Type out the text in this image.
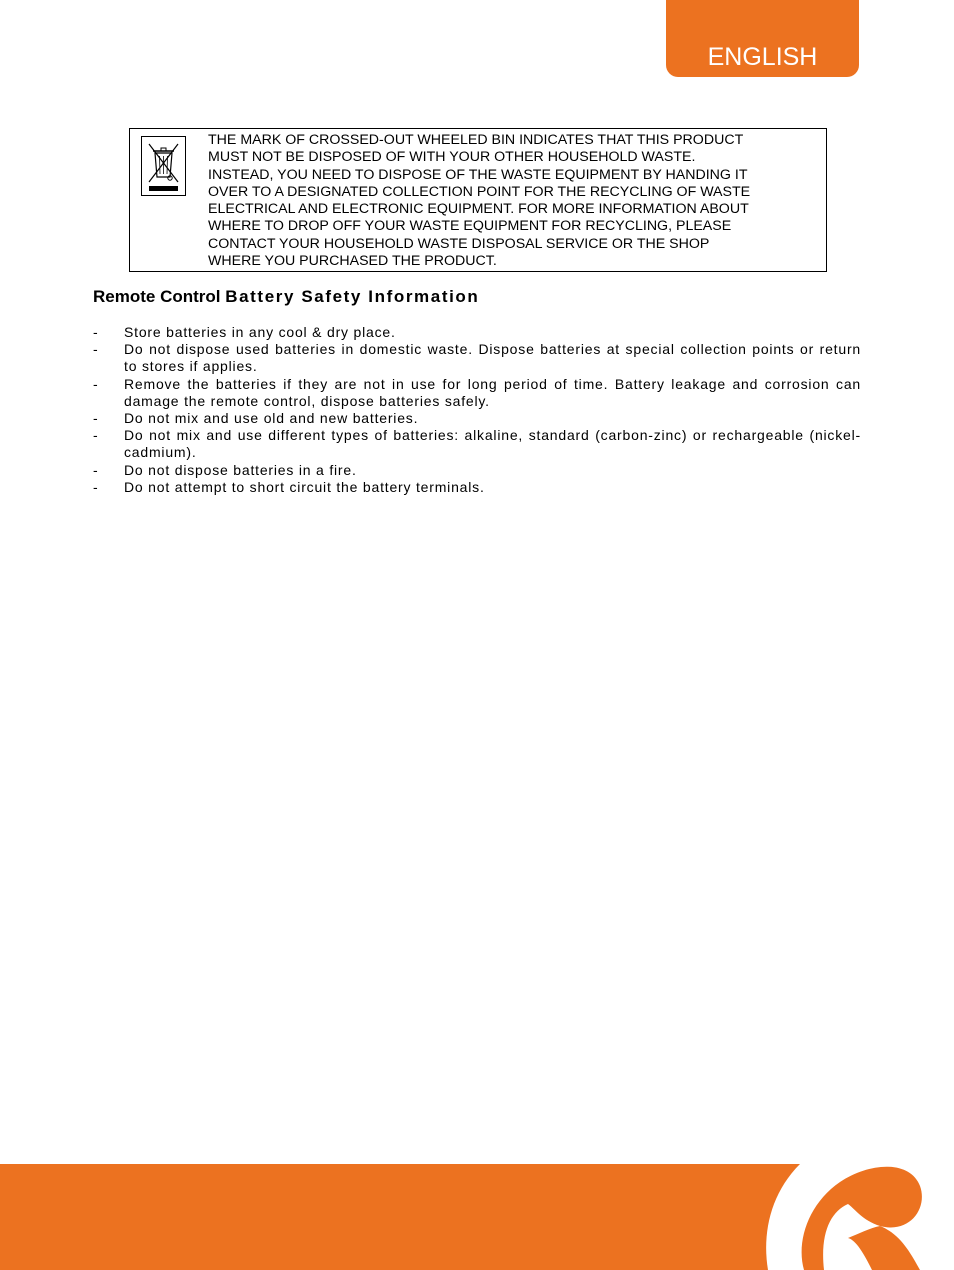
ENGLISH
THE MARK OF CROSSED-OUT WHEELED BIN INDICATES THAT THIS PRODUCT
MUST NOT BE DISPOSED OF WITH YOUR OTHER HOUSEHOLD WASTE.
INSTEAD, YOU NEED TO DISPOSE OF THE WASTE EQUIPMENT BY HANDING IT
OVER TO A DESIGNATED COLLECTION POINT FOR THE RECYCLING OF WASTE
ELECTRICAL AND ELECTRONIC EQUIPMENT. FOR MORE INFORMATION ABOUT
WHERE TO DROP OFF YOUR WASTE EQUIPMENT FOR RECYCLING, PLEASE
CONTACT YOUR HOUSEHOLD WASTE DISPOSAL SERVICE OR THE SHOP
WHERE YOU PURCHASED THE PRODUCT.
Remote Control Battery Safety Information
- Store batteries in any cool & dry place.
- Do not dispose used batteries in domestic waste. Dispose batteries at special collection points or return to stores if applies.
- Remove the batteries if they are not in use for long period of time. Battery leakage and corrosion can damage the remote control, dispose batteries safely.
- Do not mix and use old and new batteries.
- Do not mix and use different types of batteries: alkaline, standard (carbon-zinc) or rechargeable (nickel-cadmium).
- Do not dispose batteries in a fire.
- Do not attempt to short circuit the battery terminals.
